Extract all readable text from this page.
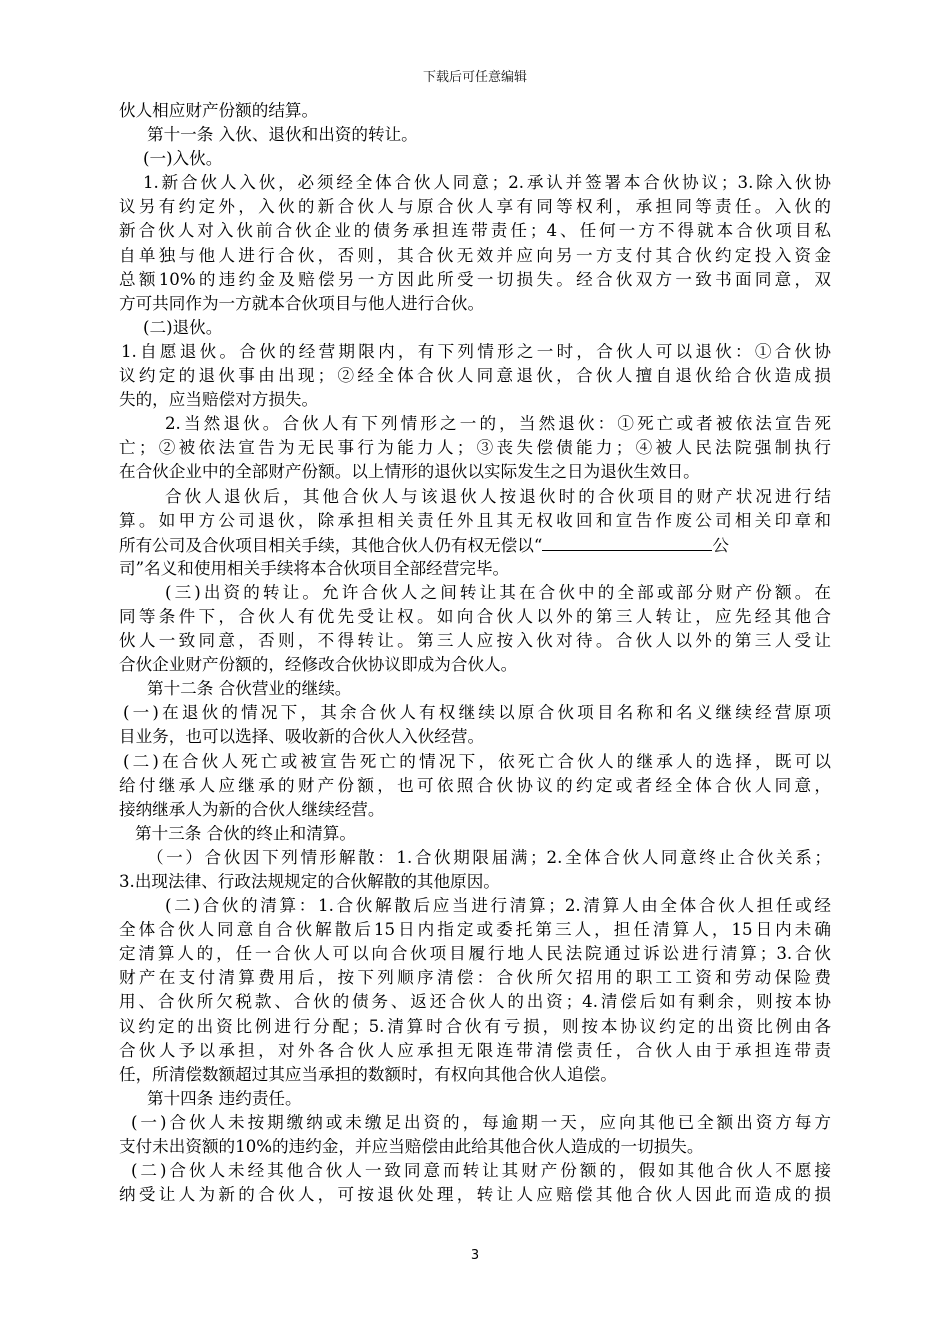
下载后可任意编辑
伙人相应财产份额的结算。
第十一条 入伙、退伙和出资的转让。
(一)入伙。
1.新合伙人入伙，必须经全体合伙人同意；2.承认并签署本合伙协议；3.除入伙协
议另有约定外，入伙的新合伙人与原合伙人享有同等权利，承担同等责任。入伙的
新合伙人对入伙前合伙企业的债务承担连带责任；4、任何一方不得就本合伙项目私
自单独与他人进行合伙，否则，其合伙无效并应向另一方支付其合伙约定投入资金
总额10%的违约金及赔偿另一方因此所受一切损失。经合伙双方一致书面同意，双
方可共同作为一方就本合伙项目与他人进行合伙。
(二)退伙。
1.自愿退伙。合伙的经营期限内，有下列情形之一时，合伙人可以退伙：①合伙协
议约定的退伙事由出现；②经全体合伙人同意退伙，合伙人擅自退伙给合伙造成损
失的，应当赔偿对方损失。
2.当然退伙。合伙人有下列情形之一的，当然退伙：①死亡或者被依法宣告死
亡；②被依法宣告为无民事行为能力人；③丧失偿债能力；④被人民法院强制执行
在合伙企业中的全部财产份额。以上情形的退伙以实际发生之日为退伙生效日。
合伙人退伙后，其他合伙人与该退伙人按退伙时的合伙项目的财产状况进行结
算。如甲方公司退伙，除承担相关责任外且其无权收回和宣告作废公司相关印章和
所有公司及合伙项目相关手续，其他合伙人仍有权无偿以“	公
司”名义和使用相关手续将本合伙项目全部经营完毕。
(三)出资的转让。允许合伙人之间转让其在合伙中的全部或部分财产份额。在
同等条件下，合伙人有优先受让权。如向合伙人以外的第三人转让，应先经其他合
伙人一致同意，否则，不得转让。第三人应按入伙对待。合伙人以外的第三人受让
合伙企业财产份额的，经修改合伙协议即成为合伙人。
第十二条 合伙营业的继续。
(一)在退伙的情况下，其余合伙人有权继续以原合伙项目名称和名义继续经营原项
目业务，也可以选择、吸收新的合伙人入伙经营。
(二)在合伙人死亡或被宣告死亡的情况下，依死亡合伙人的继承人的选择，既可以
给付继承人应继承的财产份额，也可依照合伙协议的约定或者经全体合伙人同意，
接纳继承人为新的合伙人继续经营。
第十三条 合伙的终止和清算。
（一）合伙因下列情形解散：1.合伙期限届满；2.全体合伙人同意终止合伙关系；
3.出现法律、行政法规规定的合伙解散的其他原因。
(二)合伙的清算：1.合伙解散后应当进行清算；2.清算人由全体合伙人担任或经
全体合伙人同意自合伙解散后15日内指定或委托第三人，担任清算人，15日内未确
定清算人的，任一合伙人可以向合伙项目履行地人民法院通过诉讼进行清算；3.合伙
财产在支付清算费用后，按下列顺序清偿：合伙所欠招用的职工工资和劳动保险费
用、合伙所欠税款、合伙的债务、返还合伙人的出资；4.清偿后如有剩余，则按本协
议约定的出资比例进行分配；5.清算时合伙有亏损，则按本协议约定的出资比例由各
合伙人予以承担，对外各合伙人应承担无限连带清偿责任，合伙人由于承担连带责
任，所清偿数额超过其应当承担的数额时，有权向其他合伙人追偿。
第十四条 违约责任。
(一)合伙人未按期缴纳或未缴足出资的，每逾期一天，应向其他已全额出资方每方
支付未出资额的10%的违约金，并应当赔偿由此给其他合伙人造成的一切损失。
(二)合伙人未经其他合伙人一致同意而转让其财产份额的，假如其他合伙人不愿接
纳受让人为新的合伙人，可按退伙处理，转让人应赔偿其他合伙人因此而造成的损
3
